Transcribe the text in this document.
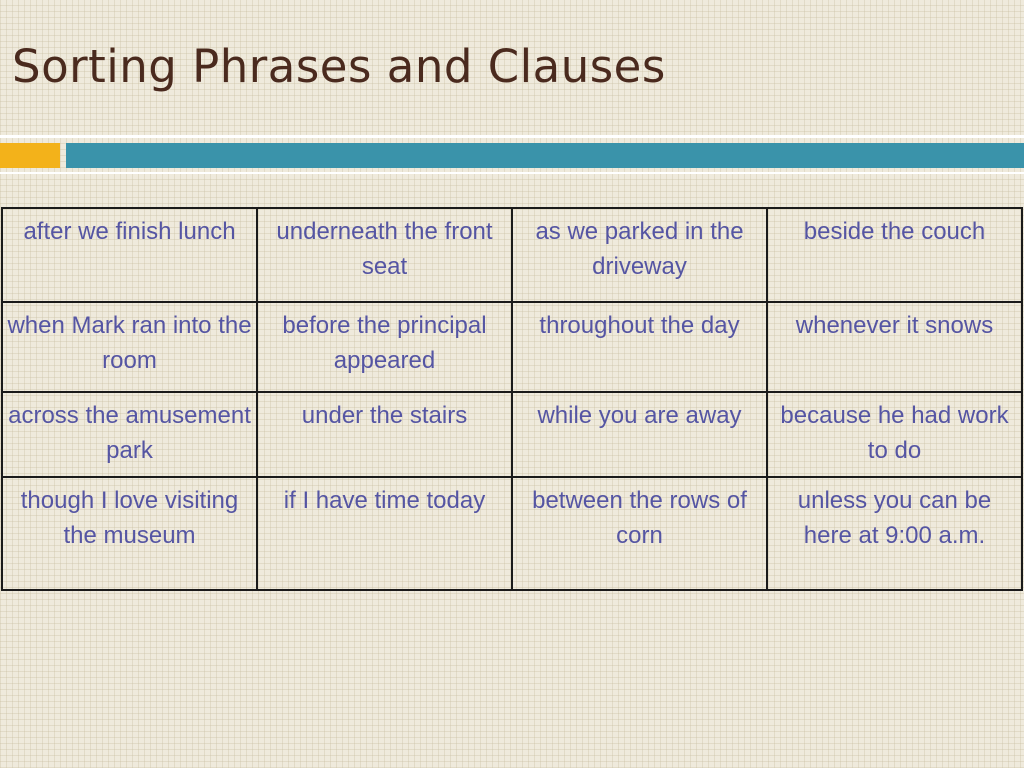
Sorting Phrases and Clauses
after we finish lunch	underneath the front seat	as we parked in the driveway	beside the couch
when Mark ran into the room	before the principal appeared	throughout the day	whenever it snows
across the amusement park	under the stairs	while you are away	because he had work to do
though I love visiting the museum	if I have time today	between the rows of corn	unless you can be here at 9:00 a.m.
